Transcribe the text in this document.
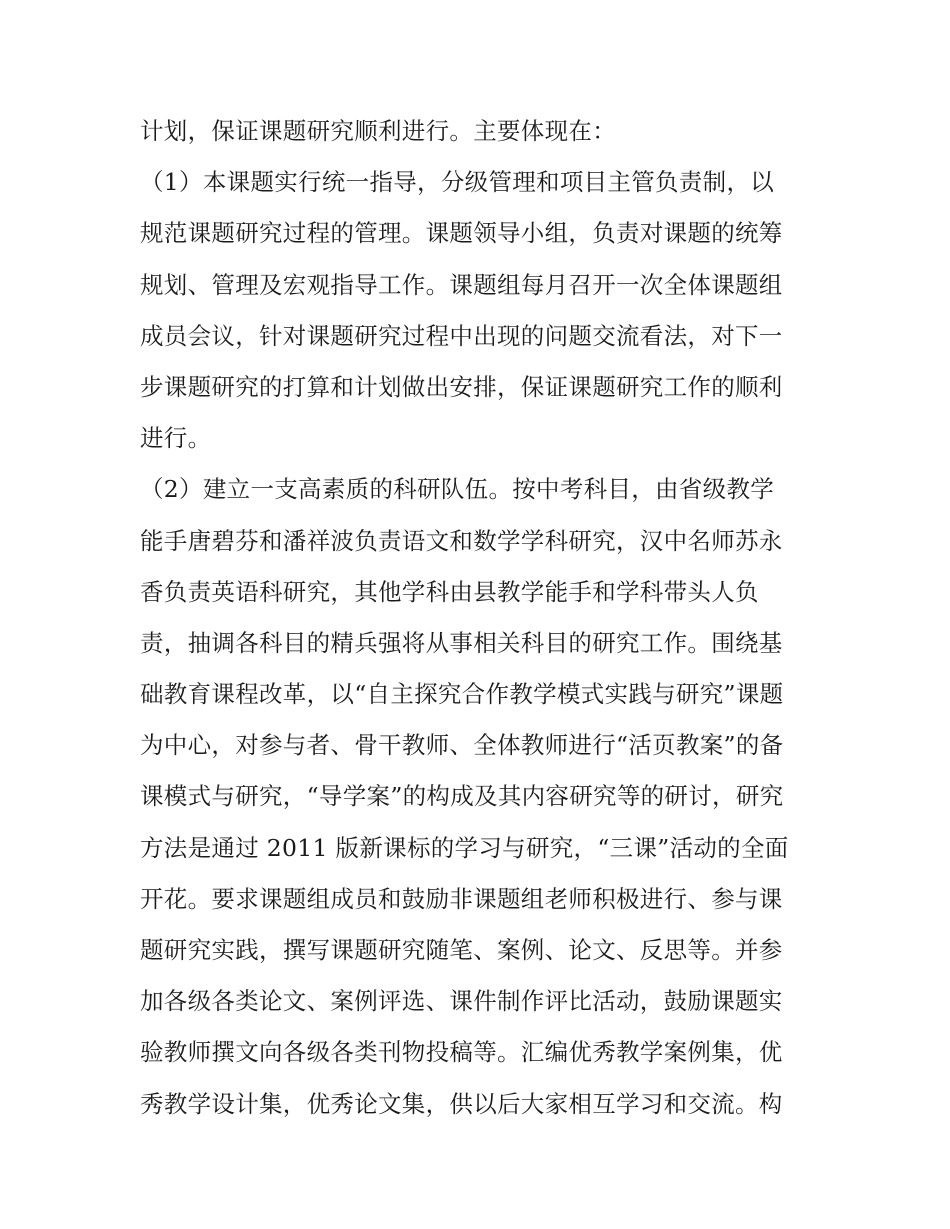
计划，保证课题研究顺利进行。主要体现在：
（1）本课题实行统一指导，分级管理和项目主管负责制，以
规范课题研究过程的管理。课题领导小组，负责对课题的统筹
规划、管理及宏观指导工作。课题组每月召开一次全体课题组
成员会议，针对课题研究过程中出现的问题交流看法，对下一
步课题研究的打算和计划做出安排，保证课题研究工作的顺利
进行。
（2）建立一支高素质的科研队伍。按中考科目，由省级教学
能手唐碧芬和潘祥波负责语文和数学学科研究，汉中名师苏永
香负责英语科研究，其他学科由县教学能手和学科带头人负
责，抽调各科目的精兵强将从事相关科目的研究工作。围绕基
础教育课程改革，以“自主探究合作教学模式实践与研究”课题
为中心，对参与者、骨干教师、全体教师进行“活页教案”的备
课模式与研究，“导学案”的构成及其内容研究等的研讨，研究
方法是通过 2011 版新课标的学习与研究，“三课”活动的全面
开花。要求课题组成员和鼓励非课题组老师积极进行、参与课
题研究实践，撰写课题研究随笔、案例、论文、反思等。并参
加各级各类论文、案例评选、课件制作评比活动，鼓励课题实
验教师撰文向各级各类刊物投稿等。汇编优秀教学案例集，优
秀教学设计集，优秀论文集，供以后大家相互学习和交流。构
